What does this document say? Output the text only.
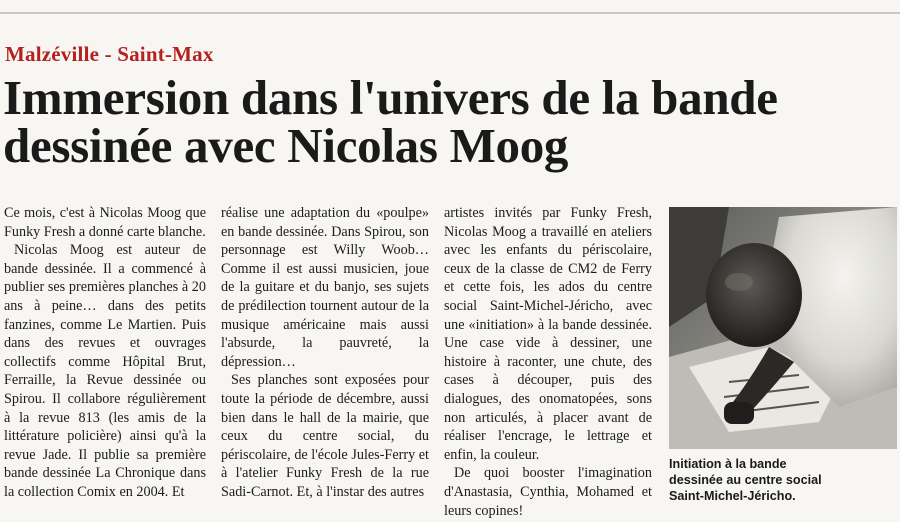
Malzéville - Saint-Max
Immersion dans l'univers de la bande
dessinée avec Nicolas Moog

Ce mois, c'est à Nicolas Moog que Funky Fresh a donné carte blanche.

Nicolas Moog est auteur de bande dessinée. Il a commencé à publier ses premières planches à 20 ans à peine… dans des petits fanzines, comme Le Martien. Puis dans des revues et ouvrages collectifs comme Hôpital Brut, Ferraille, la Revue dessinée ou Spirou. Il collabore régulièrement à la revue 813 (les amis de la littérature policière) ainsi qu'à la revue Jade. Il publie sa première bande dessinée La Chronique dans la collection Comix en 2004. Et

réalise une adaptation du «poulpe» en bande dessinée. Dans Spirou, son personnage est Willy Woob… Comme il est aussi musicien, joue de la guitare et du banjo, ses sujets de prédilection tournent autour de la musique américaine mais aussi l'absurde, la pauvreté, la dépression…

Ses planches sont exposées pour toute la période de décembre, aussi bien dans le hall de la mairie, que ceux du centre social, du périscolaire, de l'école Jules-Ferry et à l'atelier Funky Fresh de la rue Sadi-Carnot. Et, à l'instar des autres

artistes invités par Funky Fresh, Nicolas Moog a travaillé en ateliers avec les enfants du périscolaire, ceux de la classe de CM2 de Ferry et cette fois, les ados du centre social Saint-Michel-Jéricho, avec une «initiation» à la bande dessinée. Une case vide à dessiner, une histoire à raconter, une chute, des cases à découper, puis des dialogues, des onomatopées, sons non articulés, à placer avant de réaliser l'encrage, le lettrage et enfin, la couleur.

De quoi booster l'imagination d'Anastasia, Cynthia, Mohamed et leurs copines!

Initiation à la bande
dessinée au centre social
Saint-Michel-Jéricho.
